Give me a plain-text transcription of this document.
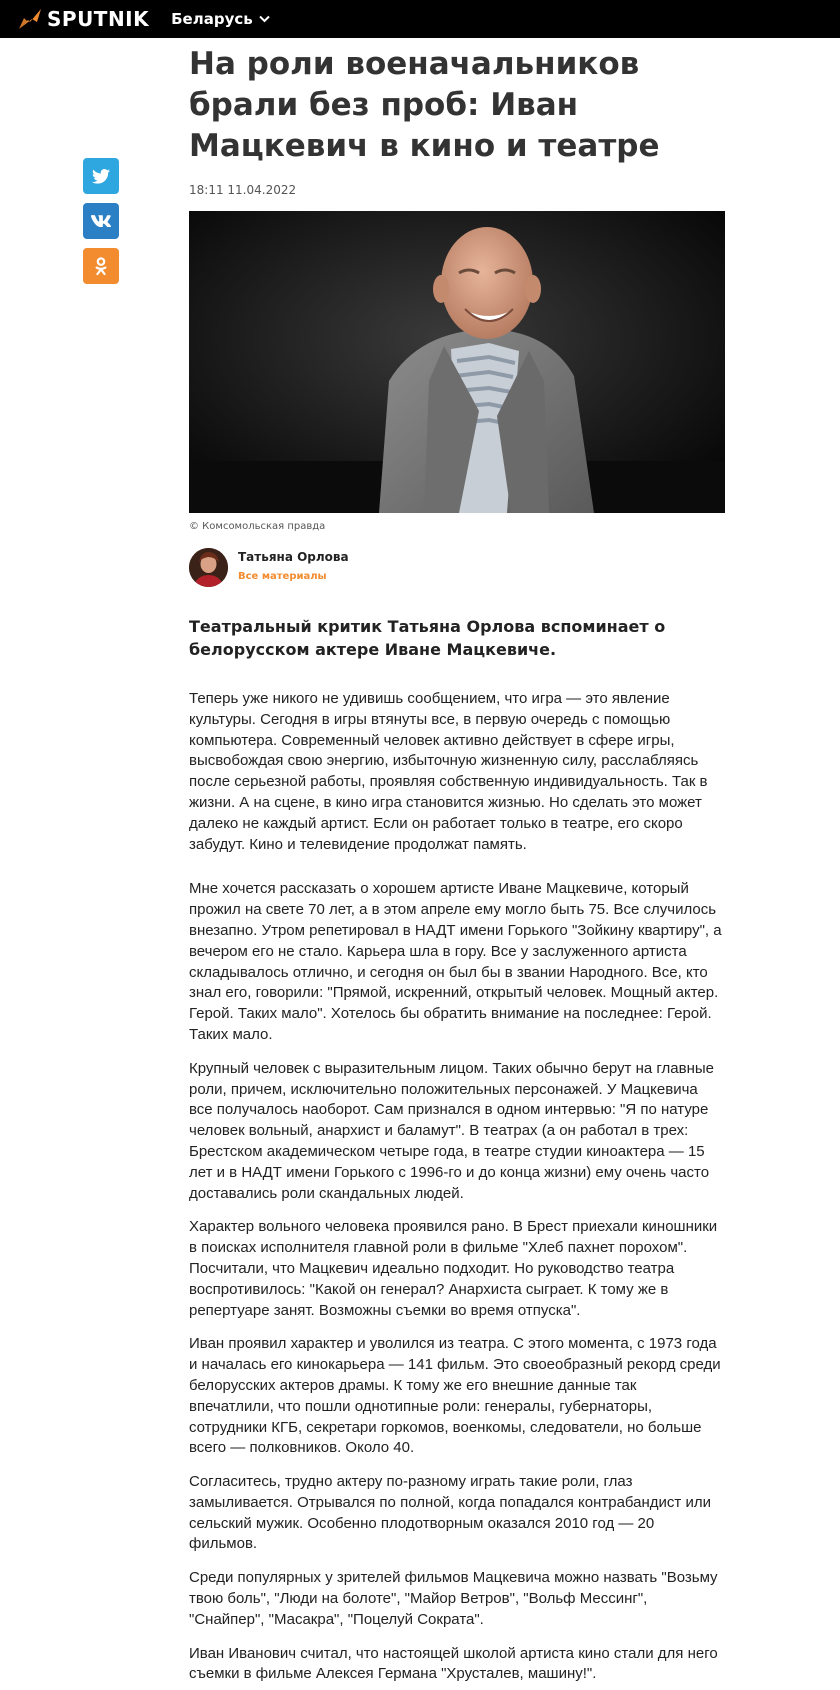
SPUTNIK Беларусь
На роли военачальников брали без проб: Иван Мацкевич в кино и театре
18:11 11.04.2022
© Комсомольская правда
Татьяна Орлова
Все материалы
Театральный критик Татьяна Орлова вспоминает о белорусском актере Иване Мацкевиче.

Теперь уже никого не удивишь сообщением, что игра — это явление культуры. Сегодня в игры втянуты все, в первую очередь с помощью компьютера. Современный человек активно действует в сфере игры, высвобождая свою энергию, избыточную жизненную силу, расслабляясь после серьезной работы, проявляя собственную индивидуальность. Так в жизни. А на сцене, в кино игра становится жизнью. Но сделать это может далеко не каждый артист. Если он работает только в театре, его скоро забудут. Кино и телевидение продолжат память.

Мне хочется рассказать о хорошем артисте Иване Мацкевиче, который прожил на свете 70 лет, а в этом апреле ему могло быть 75. Все случилось внезапно. Утром репетировал в НАДТ имени Горького "Зойкину квартиру", а вечером его не стало. Карьера шла в гору. Все у заслуженного артиста складывалось отлично, и сегодня он был бы в звании Народного. Все, кто знал его, говорили: "Прямой, искренний, открытый человек. Мощный актер. Герой. Таких мало". Хотелось бы обратить внимание на последнее: Герой. Таких мало.

Крупный человек с выразительным лицом. Таких обычно берут на главные роли, причем, исключительно положительных персонажей. У Мацкевича все получалось наоборот. Сам признался в одном интервью: "Я по натуре человек вольный, анархист и баламут". В театрах (а он работал в трех: Брестском академическом четыре года, в театре студии киноактера — 15 лет и в НАДТ имени Горького с 1996-го и до конца жизни) ему очень часто доставались роли скандальных людей.

Характер вольного человека проявился рано. В Брест приехали киношники в поисках исполнителя главной роли в фильме "Хлеб пахнет порохом". Посчитали, что Мацкевич идеально подходит. Но руководство театра воспротивилось: "Какой он генерал? Анархиста сыграет. К тому же в репертуаре занят. Возможны съемки во время отпуска".

Иван проявил характер и уволился из театра. С этого момента, с 1973 года и началась его кинокарьера — 141 фильм. Это своеобразный рекорд среди белорусских актеров драмы. К тому же его внешние данные так впечатлили, что пошли однотипные роли: генералы, губернаторы, сотрудники КГБ, секретари горкомов, военкомы, следователи, но больше всего — полковников. Около 40.

Согласитесь, трудно актеру по-разному играть такие роли, глаз замыливается. Отрывался по полной, когда попадался контрабандист или сельский мужик. Особенно плодотворным оказался 2010 год — 20 фильмов.

Среди популярных у зрителей фильмов Мацкевича можно назвать "Возьму твою боль", "Люди на болоте", "Майор Ветров", "Вольф Мессинг", "Снайпер", "Масакра", "Поцелуй Сократа".

Иван Иванович считал, что настоящей школой артиста кино стали для него съемки в фильме Алексея Германа "Хрусталев, машину!".
